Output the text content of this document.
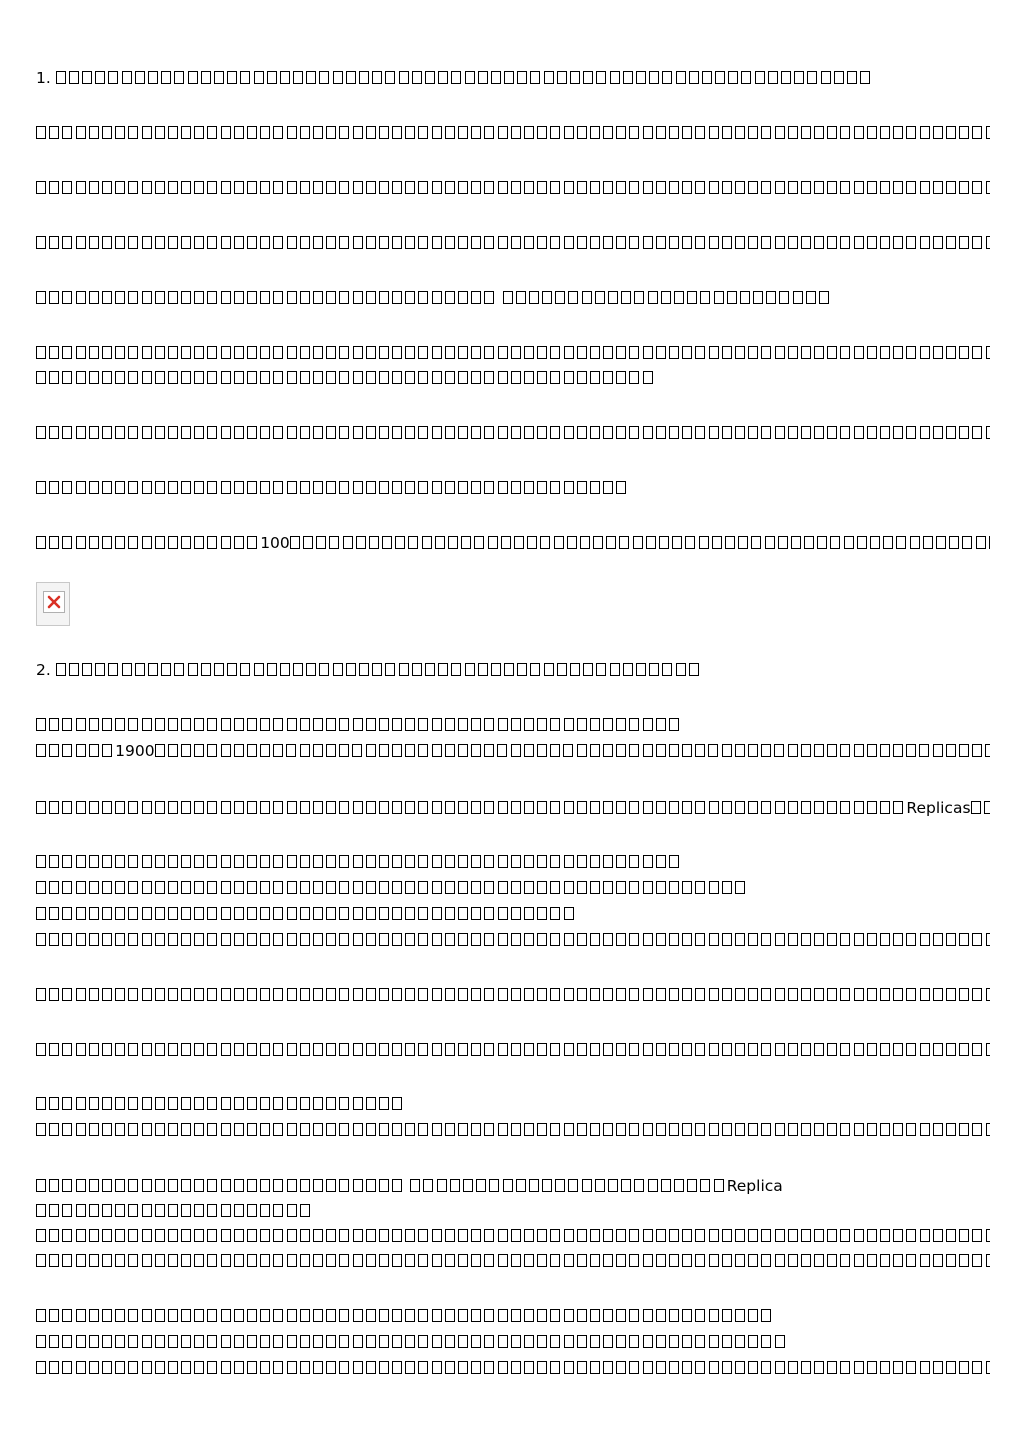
1.

100
2.
1900
Replicas
Replica
